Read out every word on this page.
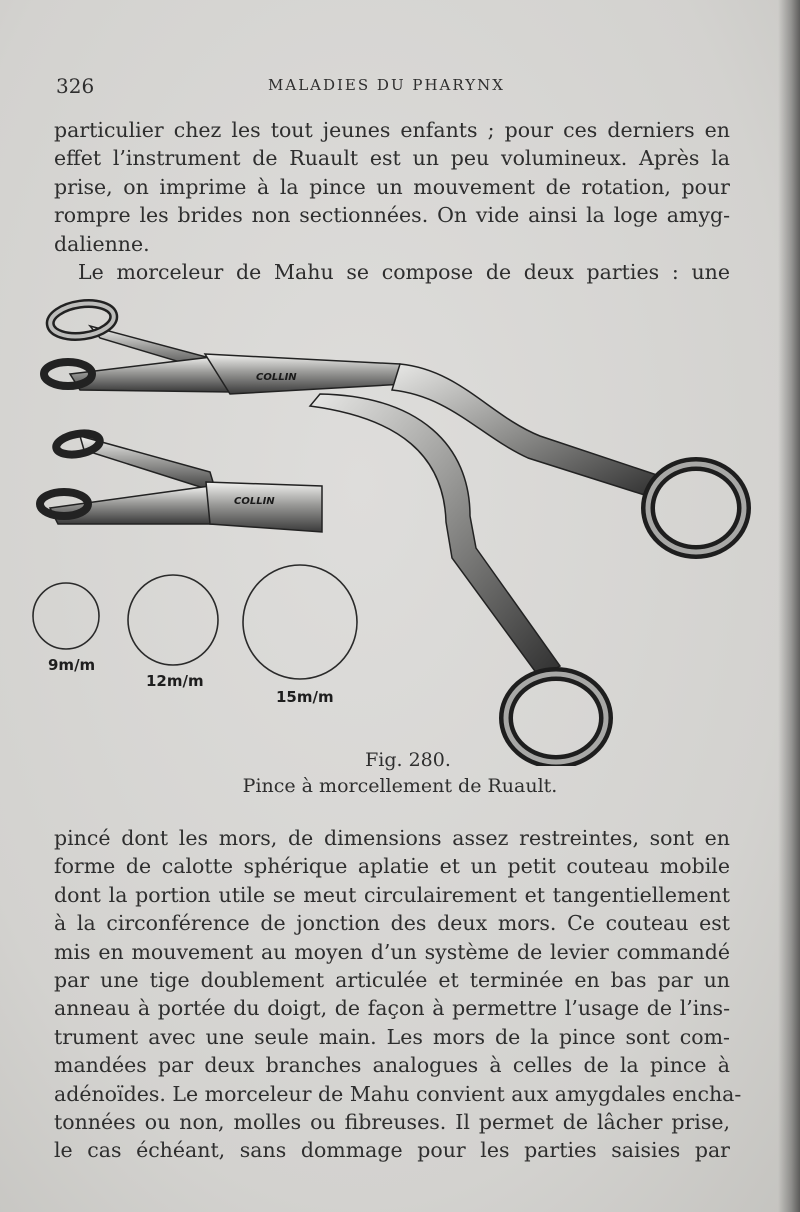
326	MALADIES DU PHARYNX
particulier chez les tout jeunes enfants ; pour ces derniers en
effet l’instrument de Ruault est un peu volumineux. Après la
prise, on imprime à la pince un mouvement de rotation, pour
rompre les brides non sectionnées. On vide ainsi la loge amyg-
dalienne.
Le morceleur de Mahu se compose de deux parties : une
COLLIN
COLLIN
9m/m
12m/m
15m/m
Fig. 280.
Pince à morcellement de Ruault.
pincé dont les mors, de dimensions assez restreintes, sont en
forme de calotte sphérique aplatie et un petit couteau mobile
dont la portion utile se meut circulairement et tangentiellement
à la circonférence de jonction des deux mors. Ce couteau est
mis en mouvement au moyen d’un système de levier commandé
par une tige doublement articulée et terminée en bas par un
anneau à portée du doigt, de façon à permettre l’usage de l’ins-
trument avec une seule main. Les mors de la pince sont com-
mandées par deux branches analogues à celles de la pince à
adénoïdes. Le morceleur de Mahu convient aux amygdales encha-
tonnées ou non, molles ou fibreuses. Il permet de lâcher prise,
le cas échéant, sans dommage pour les parties saisies par
